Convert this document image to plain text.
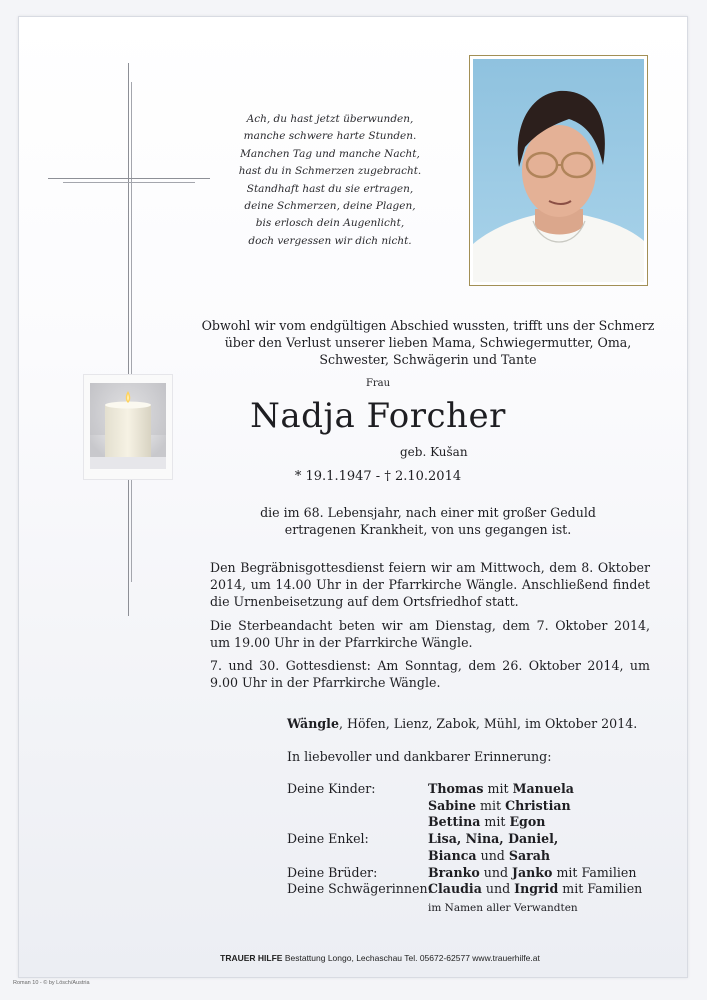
Ach, du hast jetzt überwunden,
manche schwere harte Stunden.
Manchen Tag und manche Nacht,
hast du in Schmerzen zugebracht.
Standhaft hast du sie ertragen,
deine Schmerzen, deine Plagen,
bis erlosch dein Augenlicht,
doch vergessen wir dich nicht.
Obwohl wir vom endgültigen Abschied wussten, trifft uns der Schmerz
über den Verlust unserer lieben Mama, Schwiegermutter, Oma,
Schwester, Schwägerin und Tante
Frau
Nadja Forcher
geb. Kušan
* 19.1.1947 - † 2.10.2014
die im 68. Lebensjahr, nach einer mit großer Geduld
ertragenen Krankheit, von uns gegangen ist.
Den Begräbnisgottesdienst feiern wir am Mittwoch, dem 8. Oktober 2014, um 14.00 Uhr in der Pfarrkirche Wängle. Anschließend findet die Urnenbeisetzung auf dem Ortsfriedhof statt.
Die Sterbeandacht beten wir am Dienstag, dem 7. Oktober 2014, um 19.00 Uhr in der Pfarrkirche Wängle.
7. und 30. Gottesdienst: Am Sonntag, dem 26. Oktober 2014, um 9.00 Uhr in der Pfarrkirche Wängle.
Wängle, Höfen, Lienz, Zabok, Mühl, im Oktober 2014.
In liebevoller und dankbarer Erinnerung:
Deine Kinder:	Thomas mit Manuela
Sabine mit Christian
Bettina mit Egon
Deine Enkel:	Lisa, Nina, Daniel,
Bianca und Sarah
Deine Brüder:	Branko und Janko mit Familien
Deine Schwägerinnen:
Claudia und Ingrid mit Familien
im Namen aller Verwandten
TRAUER HILFE Bestattung Longo, Lechaschau Tel. 05672-62577 www.trauerhilfe.at
Roman 10 - © by Lösch/Austria
